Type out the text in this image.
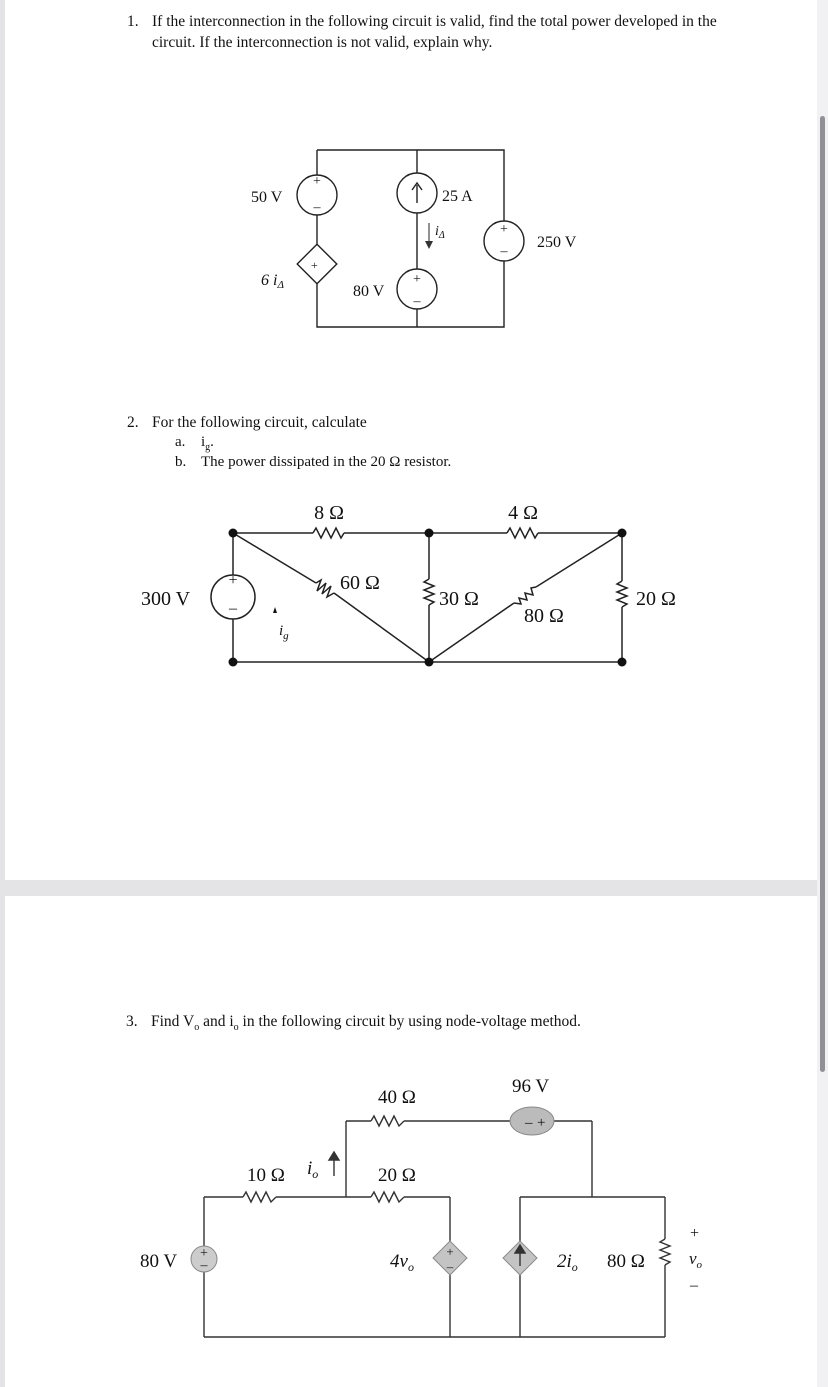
1. If the interconnection in the following circuit is valid, find the total power developed in the circuit. If the interconnection is not valid, explain why.
+
–
+
+
–
+
–
50 V	25 A
$i_\Delta$	250 V
6 iΔ	80 V
2. For the following circuit, calculate
a. $i_g$.
b. The power dissipated in the 20 Ω resistor.
+
–
300 V
$i_g$
8 Ω	4 Ω
60 Ω
30 Ω
80 Ω
20 Ω
3. Find $V_o$ and $i_o$ in the following circuit by using node-voltage method.
– +
+
–
+
–
40 Ω
96 V
10 Ω $i_o$	20 Ω
80 V	$4v_o$	$2i_o$ 80 Ω
+
$v_o$
–
